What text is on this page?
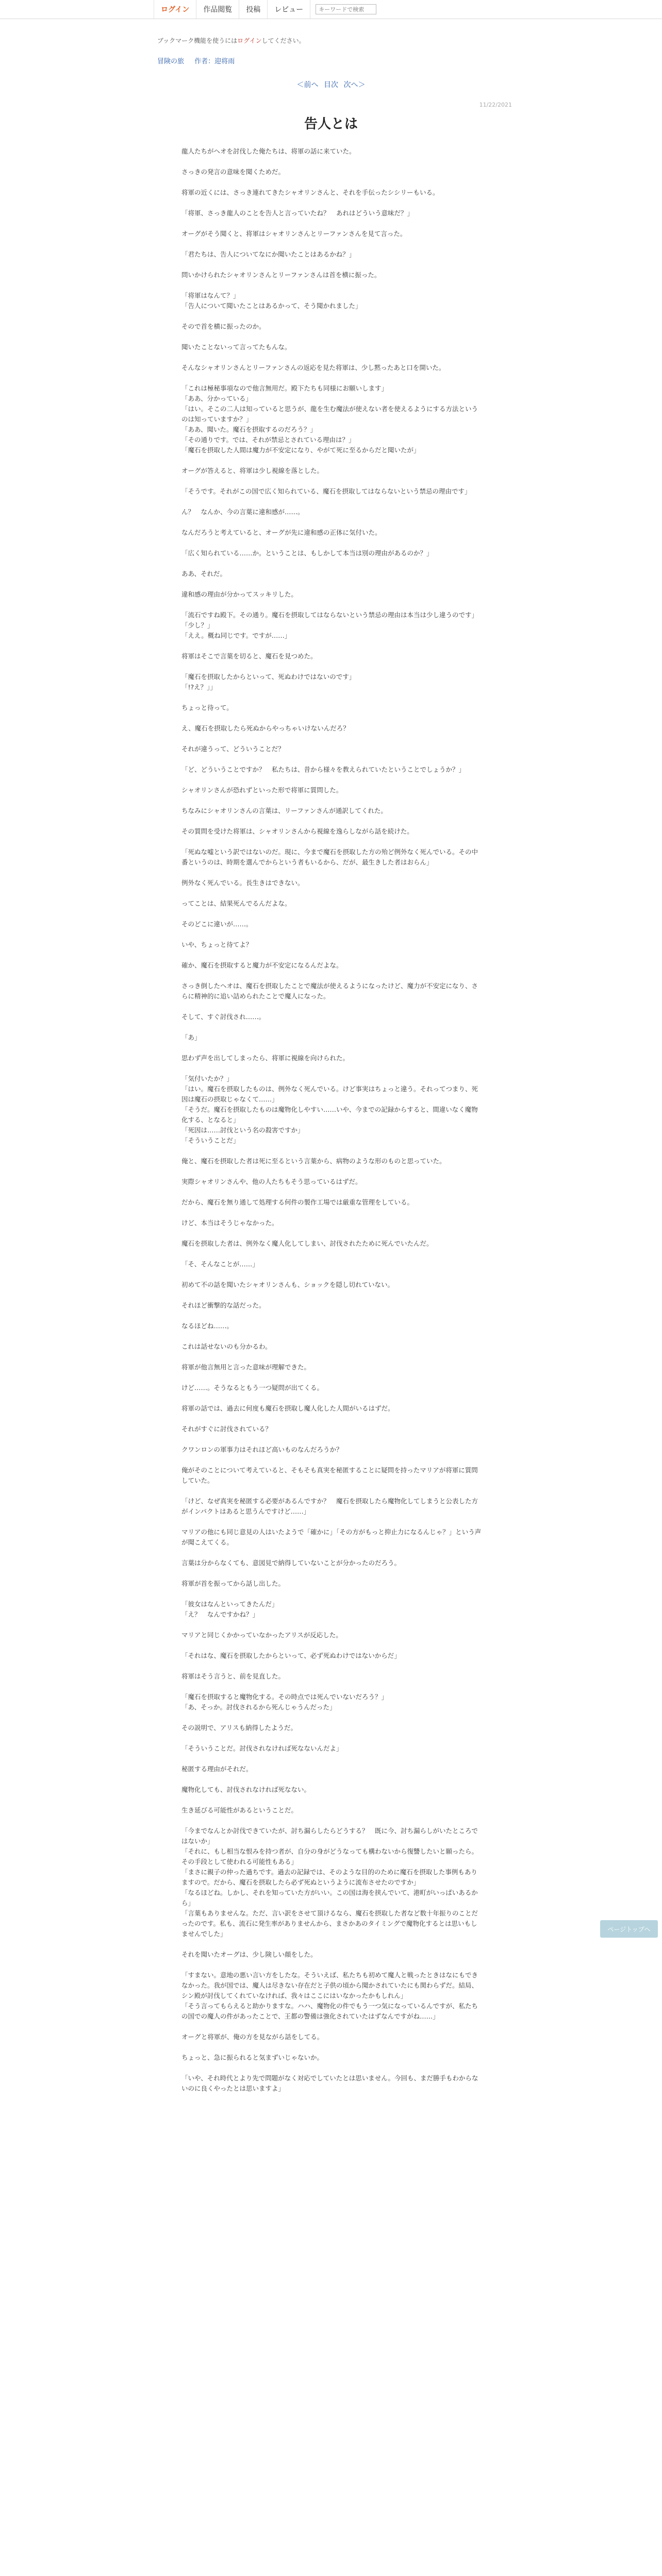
ログイン	作品閲覧	投稿	レビュー
キーワードで検索
ブックマーク機能を使うにはログインしてください。
冒険の旅 作者：迎将雨
＜前へ 目次 次へ＞
11/22/2021
告人とは

龍人たちがヘオを討伐した俺たちは、将軍の話に来ていた。

さっきの発言の意味を聞くためだ。

将軍の近くには、さっき連れてきたシャオリンさんと、それを手伝ったシシリーもいる。

「将軍、さっき龍人のことを告人と言っていたね？　あれはどういう意味だ？」

オーグがそう聞くと、将軍はシャオリンさんとリーファンさんを見て言った。

「君たちは、告人についてなにか聞いたことはあるかね？」

問いかけられたシャオリンさんとリーファンさんは首を横に振った。

「将軍はなんて？」
「告人について聞いたことはあるかって、そう聞かれました」

そので首を横に振ったのか。

聞いたことないって言ってたもんな。

そんなシャオリンさんとリーファンさんの返応を見た将軍は、少し黙ったあと口を開いた。

「これは極秘事項なので他言無用だ。殿下たちも同様にお願いします」
「ああ、分かっている」
「はい。そこの二人は知っていると思うが、龍を生む魔法が使えない者を使えるようにする方法というのは知っていますか？」
「ああ、聞いた。魔石を摂取するのだろう？」
「その通りです。では、それが禁忌とされている理由は？」
「魔石を摂取した人間は魔力が不安定になり、やがて死に至るからだと聞いたが」

オーグが答えると、将軍は少し視線を落とした。

「そうです。それがこの国で広く知られている、魔石を摂取してはならないという禁忌の理由です」

ん？　なんか、今の言葉に違和感が……。

なんだろうと考えていると、オーグが先に違和感の正体に気付いた。

「広く知られている……か。ということは、もしかして本当は別の理由があるのか？」

ああ、それだ。

違和感の理由が分かってスッキリした。

「流石ですね殿下。その通り。魔石を摂取してはならないという禁忌の理由は本当は少し違うのです」
「少し？」
「ええ。概ね同じです。ですが……」

将軍はそこで言葉を切ると、魔石を見つめた。

「魔石を摂取したからといって、死ぬわけではないのです」
「!?え？」」

ちょっと待って。

え、魔石を摂取したら死ぬからやっちゃいけないんだろ？

それが違うって、どういうことだ？

「ど、どういうことですか？　私たちは、昔から様々を教えられていたということでしょうか？」

シャオリンさんが恐れずといった形で将軍に質問した。

ちなみにシャオリンさんの言葉は、リーファンさんが通訳してくれた。

その質問を受けた将軍は、シャオリンさんから視線を逸らしながら話を続けた。

「死ぬな嘘という訳ではないのだ。現に、今まで魔石を摂取した方の殆ど例外なく死んでいる。その中番というのは、時期を選んでからという者もいるから、だが、最生きした者はおらん」

例外なく死んでいる。長生きはできない。

ってことは、結果死んでるんだよな。

そのどこに違いが……。

いや、ちょっと待てよ？

確か、魔石を摂取すると魔力が不安定になるんだよな。

さっき倒したヘオは、魔石を摂取したことで魔法が使えるようになったけど、魔力が不安定になり、さらに精神的に追い詰められたことで魔人になった。

そして、すぐ討伐され……。

「あ」

思わず声を出してしまったら、将軍に視線を向けられた。

「気付いたか？」
「はい。魔石を摂取したものは、例外なく死んでいる。けど事実はちょっと違う。それってつまり、死因は魔石の摂取じゃなくて……」
「そうだ。魔石を摂取したものは魔物化しやすい……いや、今までの記録からすると、間違いなく魔物化する、となると」
「死因は……討伐という名の殺害ですか」
「そういうことだ」

俺と、魔石を摂取した者は死に至るという言葉から、病物のような形のものと思っていた。

実際シャオリンさんや、他の人たちもそう思っているはずだ。

だから、魔石を無り通して処理する何件の製作工場では厳重な管理をしている。

けど、本当はそうじゃなかった。

魔石を摂取した者は、例外なく魔人化してしまい、討伐されたために死んでいたんだ。

「そ、そんなことが……」

初めて不の話を聞いたシャオリンさんも、ショックを隠し切れていない。

それほど衝撃的な話だった。

なるほどね……。

これは話せないのも分かるわ。

将軍が他言無用と言った意味が理解できた。

けど……。そうなるともう一つ疑問が出てくる。

将軍の話では、過去に何度も魔石を摂取し魔人化した人間がいるはずだ。

それがすぐに討伐されている？

クワンロンの軍事力はそれほど高いものなんだろうか？

俺がそのことについて考えていると、そもそも真実を秘匿することに疑問を持ったマリアが将軍に質問していた。

「けど、なぜ真実を秘匿する必要があるんですか？　魔石を摂取したら魔物化してしまうと公表した方がインパクトはあると思うんですけど……」

マリアの他にも同じ意見の人はいたようで「確かに」「その方がもっと抑止力になるんじゃ？」という声が聞こえてくる。

言葉は分からなくても、意図見で納得していないことが分かったのだろう。

将軍が首を振ってから話し出した。

「彼女はなんといってきたんだ」
「え？　なんですかね？」

マリアと同じくかかっていなかったアリスが反応した。

「それはな、魔石を摂取したからといって、必ず死ぬわけではないからだ」

将軍はそう言うと、前を見直した。

「魔石を摂取すると魔物化する。その時点では死んでいないだろう？」
「あ、そっか。討伐されるから死んじゃうんだった」

その説明で、アリスも納得したようだ。

「そういうことだ。討伐されなければ死なないんだよ」

秘匿する理由がそれだ。

魔物化しても、討伐されなければ死なない。

生き延びる可能性があるということだ。

「今までなんとか討伐できていたが、討ち漏らしたらどうする？　既に今、討ち漏らしがいたところではないか」
「それに、もし相当な恨みを持つ者が、自分の身がどうなっても構わないから復讐したいと願ったら。その手段として使われる可能性もある」
「まさに親子の仲った過ちです。過去の記録では、そのような目的のために魔石を摂取した事例もありますので。だから、魔石を摂取したら必ず死ぬというように流布させたのですか」
「なるほどね。しかし、それを知っていた方がいい。この国は海を挟んでいて、港町がいっぱいあるから」
「言葉もありませんな。ただ、言い訳をさせて頂けるなら、魔石を摂取した者など数十年振りのことだったのです。私も、流石に発生率がありませんから、まさかあのタイミングで魔物化するとは思いもしませんでした」

それを聞いたオーグは、少し険しい顔をした。

「すまない。意地の悪い言い方をしたな。そういえば、私たちも初めて魔人と戦ったときはなにもできなかった。我が国では、魔人は尽きない存在だと子供の頃から聞かされていたにも関わらずだ。結局、シン殿が討伐してくれていなければ、我々はここにはいなかったかもしれん」
「そう言ってもらえると助かりますな。ハハ、魔物化の件でもう一つ気になっているんですが、私たちの国での魔人の件があったことで、王都の警備は強化されていたはずなんですがね……」

オーグと将軍が、俺の方を見ながら話をしてる。

ちょっと、急に振られると気まずいじゃないか。

「いや、それ時代とより先で問題がなく対応でしていたとは思いません。今回も、まだ勝手もわからないのに良くやったとは思いますよ」

ページトップへ
